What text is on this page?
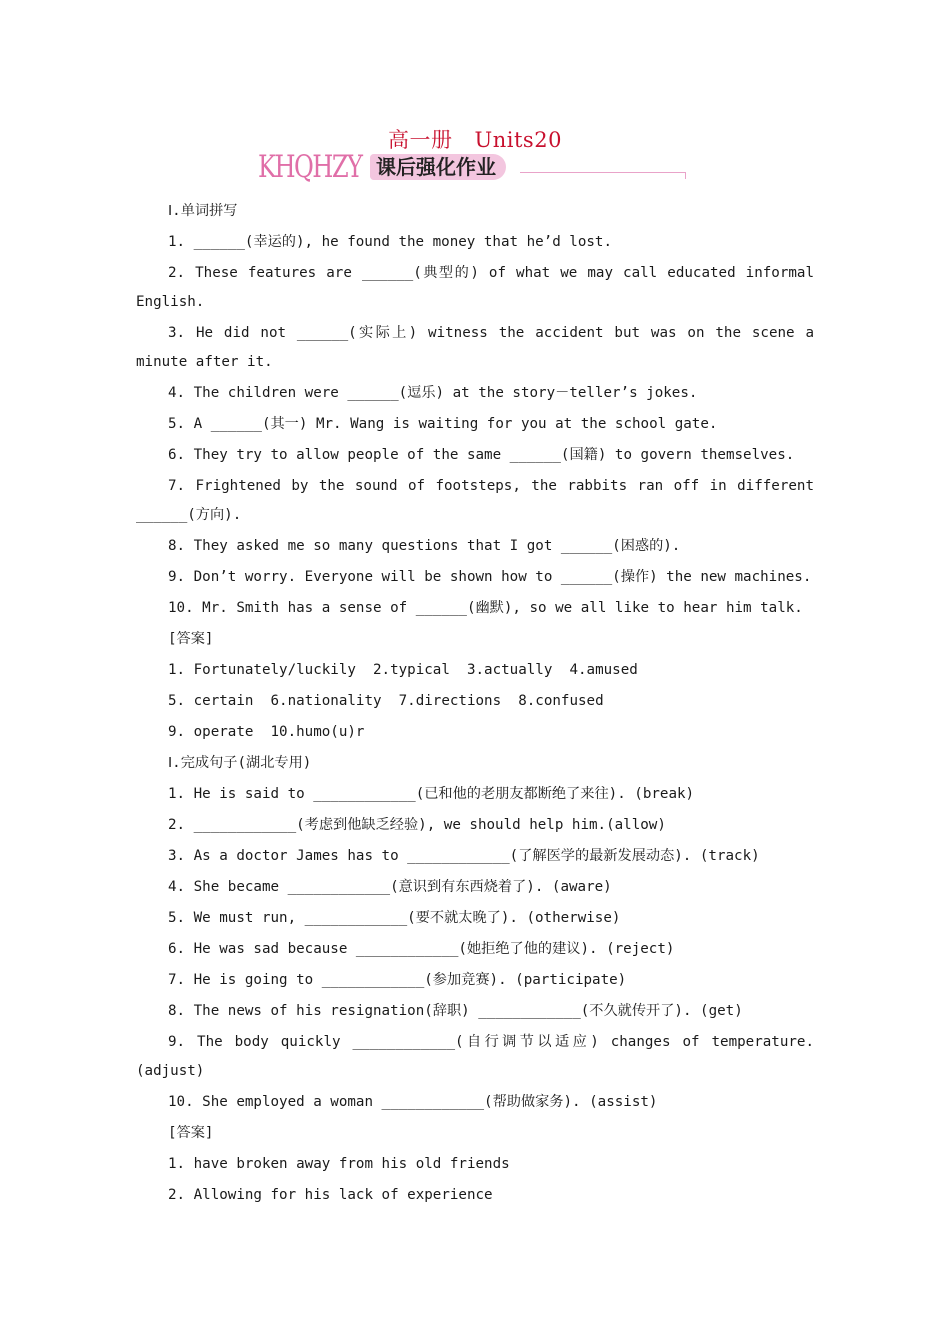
高一册 Units20
KHQHZY 课后强化作业
Ⅰ.单词拼写
1. ______(幸运的), he found the money that he’d lost.
2. These features are ______(典型的) of what we may call educated informal English.
3. He did not ______(实际上) witness the accident but was on the scene a minute after it.
4. The children were ______(逗乐) at the story－teller’s jokes.
5. A ______(其一) Mr. Wang is waiting for you at the school gate.
6. They try to allow people of the same ______(国籍) to govern themselves.
7. Frightened by the sound of footsteps, the rabbits ran off in different ______(方向).
8. They asked me so many questions that I got ______(困惑的).
9. Don’t worry. Everyone will be shown how to ______(操作) the new machines.
10. Mr. Smith has a sense of ______(幽默), so we all like to hear him talk.
[答案]
1. Fortunately/luckily  2.typical  3.actually  4.amused
5. certain  6.nationality  7.directions  8.confused
9. operate  10.humo(u)r
Ⅰ.完成句子(湖北专用)
1. He is said to ____________(已和他的老朋友都断绝了来往). (break)
2. ____________(考虑到他缺乏经验), we should help him.(allow)
3. As a doctor James has to ____________(了解医学的最新发展动态). (track)
4. She became ____________(意识到有东西烧着了). (aware)
5. We must run, ____________(要不就太晚了). (otherwise)
6. He was sad because ____________(她拒绝了他的建议). (reject)
7. He is going to ____________(参加竞赛). (participate)
8. The news of his resignation(辞职) ____________(不久就传开了). (get)
9. The body quickly ____________(自行调节以适应) changes of temperature. (adjust)
10. She employed a woman ____________(帮助做家务). (assist)
[答案]
1. have broken away from his old friends
2. Allowing for his lack of experience
